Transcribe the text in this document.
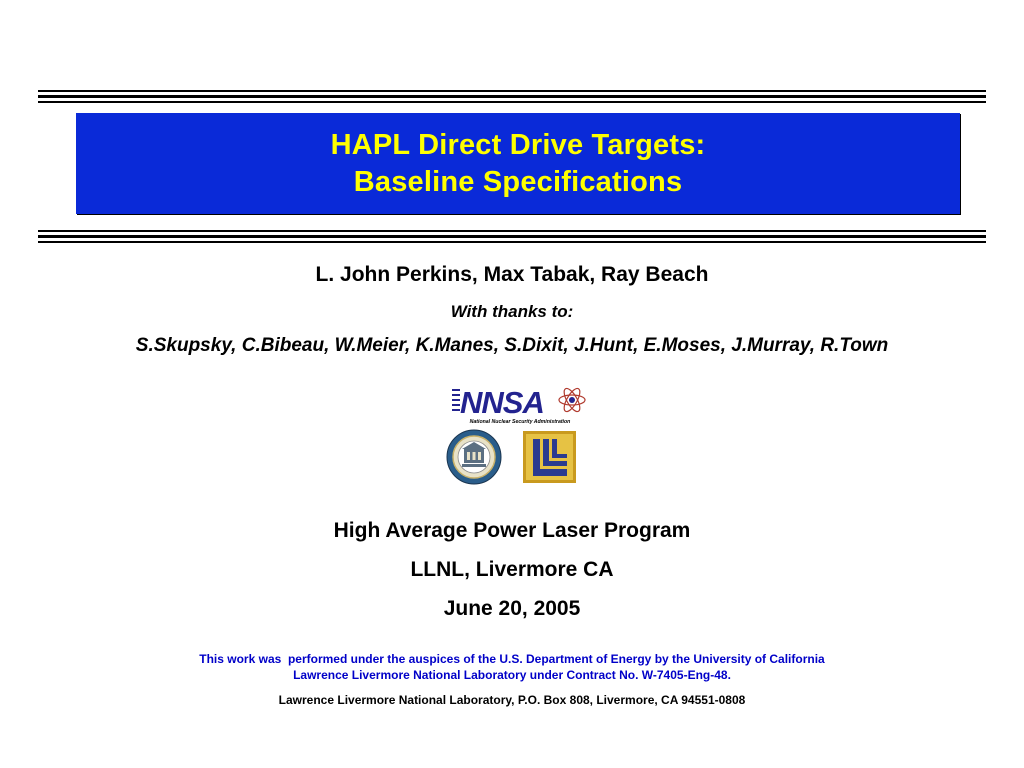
HAPL Direct Drive Targets:
Baseline Specifications
L. John Perkins, Max Tabak, Ray Beach
With thanks to:
S.Skupsky, C.Bibeau, W.Meier, K.Manes, S.Dixit, J.Hunt, E.Moses, J.Murray, R.Town
NNSA
National Nuclear Security Administration
High Average Power Laser Program
LLNL, Livermore CA
June 20, 2005
This work was  performed under the auspices of the U.S. Department of Energy by the University of California
Lawrence Livermore National Laboratory under Contract No. W-7405-Eng-48.
Lawrence Livermore National Laboratory, P.O. Box 808, Livermore, CA 94551-0808
